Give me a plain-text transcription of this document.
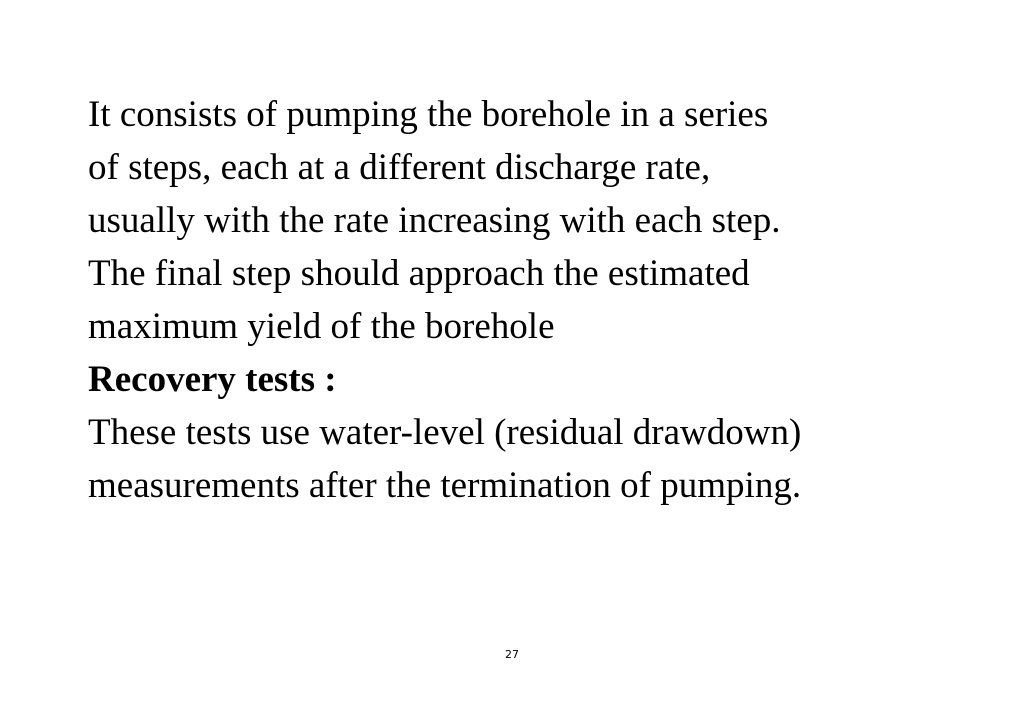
It consists of pumping the borehole in a series
of steps, each at a different discharge rate,
usually with the rate increasing with each step.
The final step should approach the estimated
maximum yield of the borehole
Recovery tests :
These tests use water-level (residual drawdown)
measurements after the termination of pumping.
27
